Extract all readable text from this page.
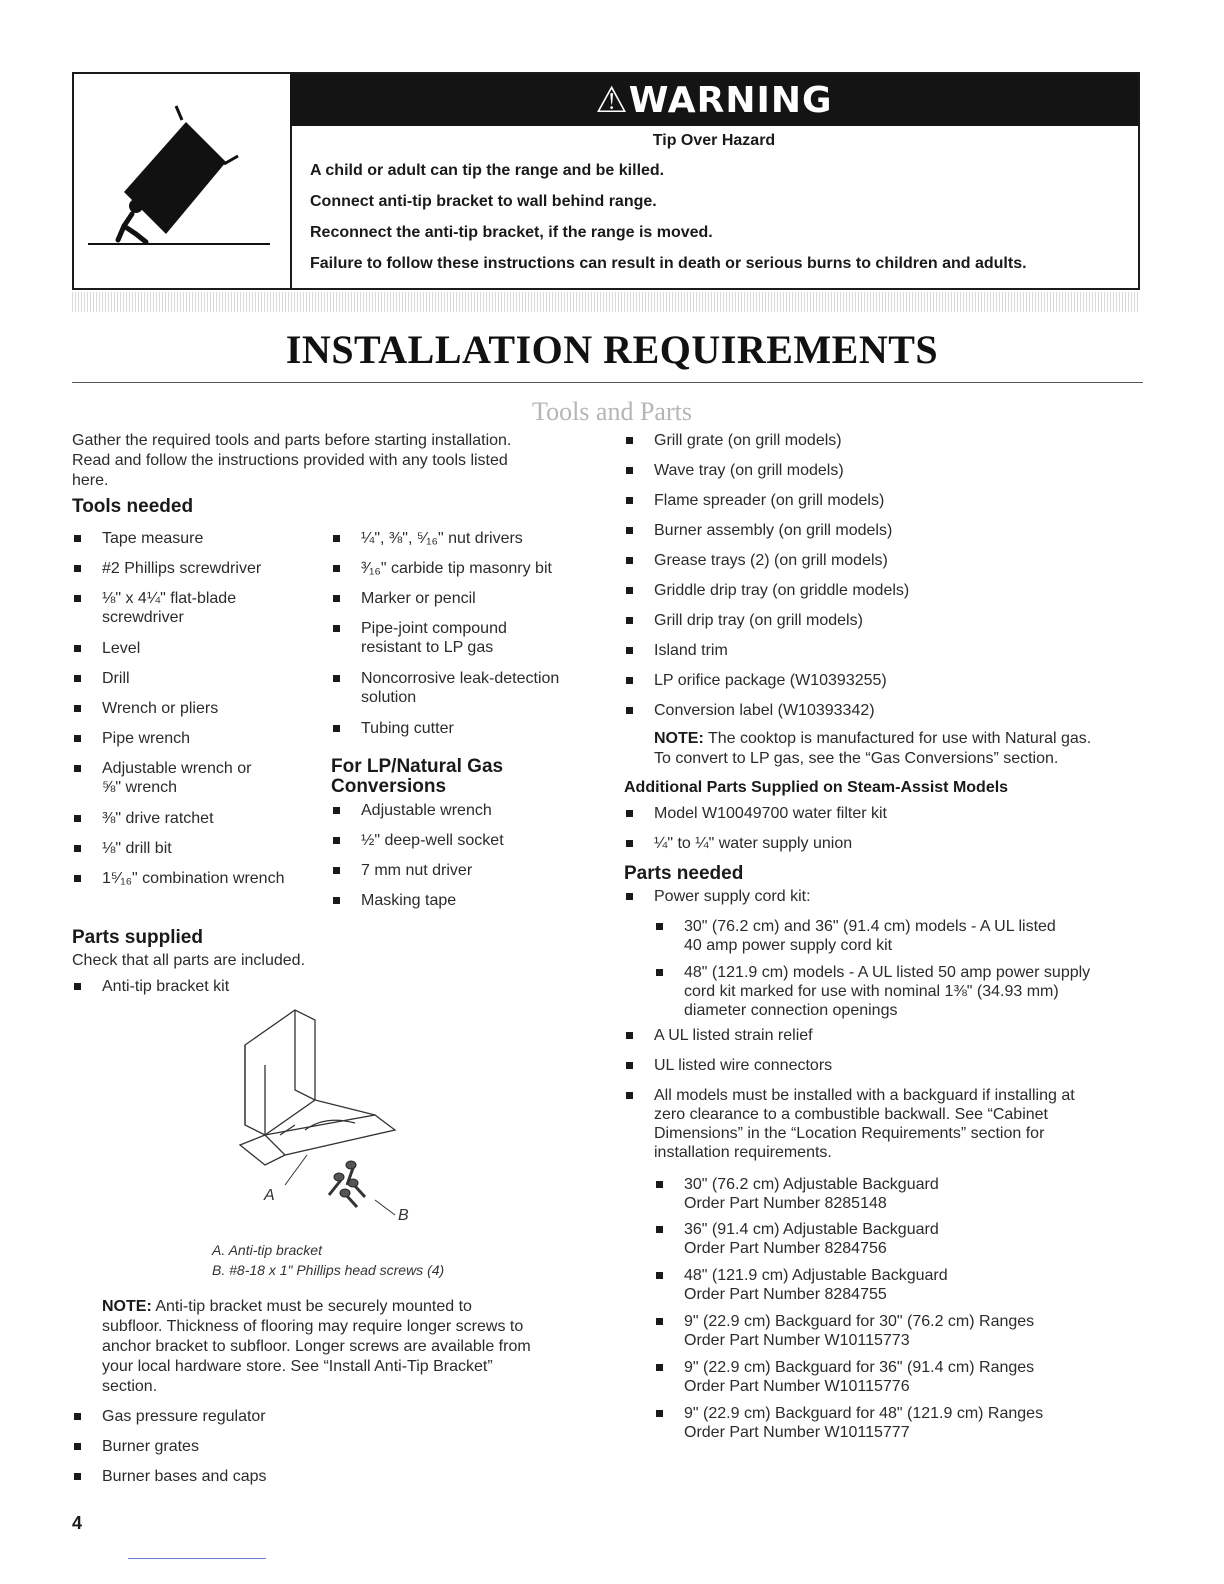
⚠WARNING
Tip Over Hazard
A child or adult can tip the range and be killed.
Connect anti-tip bracket to wall behind range.
Reconnect the anti-tip bracket, if the range is moved.
Failure to follow these instructions can result in death or serious burns to children and adults.
INSTALLATION REQUIREMENTS
Tools and Parts
Gather the required tools and parts before starting installation.
Read and follow the instructions provided with any tools listed
here.
Tools needed
Tape measure
#2 Phillips screwdriver
⅛" x 4¼" flat-blade
screwdriver
Level
Drill
Wrench or pliers
Pipe wrench
Adjustable wrench or
⅝" wrench
⅜" drive ratchet
⅛" drill bit
1⁵⁄₁₆" combination wrench
¼", ⅜", ⁵⁄₁₆" nut drivers
³⁄₁₆" carbide tip masonry bit
Marker or pencil
Pipe-joint compound
resistant to LP gas
Noncorrosive leak-detection
solution
Tubing cutter
For LP/Natural Gas
Conversions
Adjustable wrench
½" deep-well socket
7 mm nut driver
Masking tape
Parts supplied
Check that all parts are included.
Anti-tip bracket kit
A
B
A. Anti-tip bracket
B. #8-18 x 1" Phillips head screws (4)
NOTE: Anti-tip bracket must be securely mounted to
subfloor. Thickness of flooring may require longer screws to
anchor bracket to subfloor. Longer screws are available from
your local hardware store. See “Install Anti-Tip Bracket”
section.
Gas pressure regulator
Burner grates
Burner bases and caps
Grill grate (on grill models)
Wave tray (on grill models)
Flame spreader (on grill models)
Burner assembly (on grill models)
Grease trays (2) (on grill models)
Griddle drip tray (on griddle models)
Grill drip tray (on grill models)
Island trim
LP orifice package (W10393255)
Conversion label (W10393342)
NOTE: The cooktop is manufactured for use with Natural gas.
To convert to LP gas, see the “Gas Conversions” section.
Additional Parts Supplied on Steam-Assist Models
Model W10049700 water filter kit
¼" to ¼" water supply union
Parts needed
Power supply cord kit:
30" (76.2 cm) and 36" (91.4 cm) models - A UL listed
40 amp power supply cord kit
48" (121.9 cm) models - A UL listed 50 amp power supply
cord kit marked for use with nominal 1⅜" (34.93 mm)
diameter connection openings
A UL listed strain relief
UL listed wire connectors
All models must be installed with a backguard if installing at
zero clearance to a combustible backwall. See “Cabinet
Dimensions” in the “Location Requirements” section for
installation requirements.
30" (76.2 cm) Adjustable Backguard
Order Part Number 8285148
36" (91.4 cm) Adjustable Backguard
Order Part Number 8284756
48" (121.9 cm) Adjustable Backguard
Order Part Number 8284755
9" (22.9 cm) Backguard for 30" (76.2 cm) Ranges
Order Part Number W10115773
9" (22.9 cm) Backguard for 36" (91.4 cm) Ranges
Order Part Number W10115776
9" (22.9 cm) Backguard for 48" (121.9 cm) Ranges
Order Part Number W10115777
4
